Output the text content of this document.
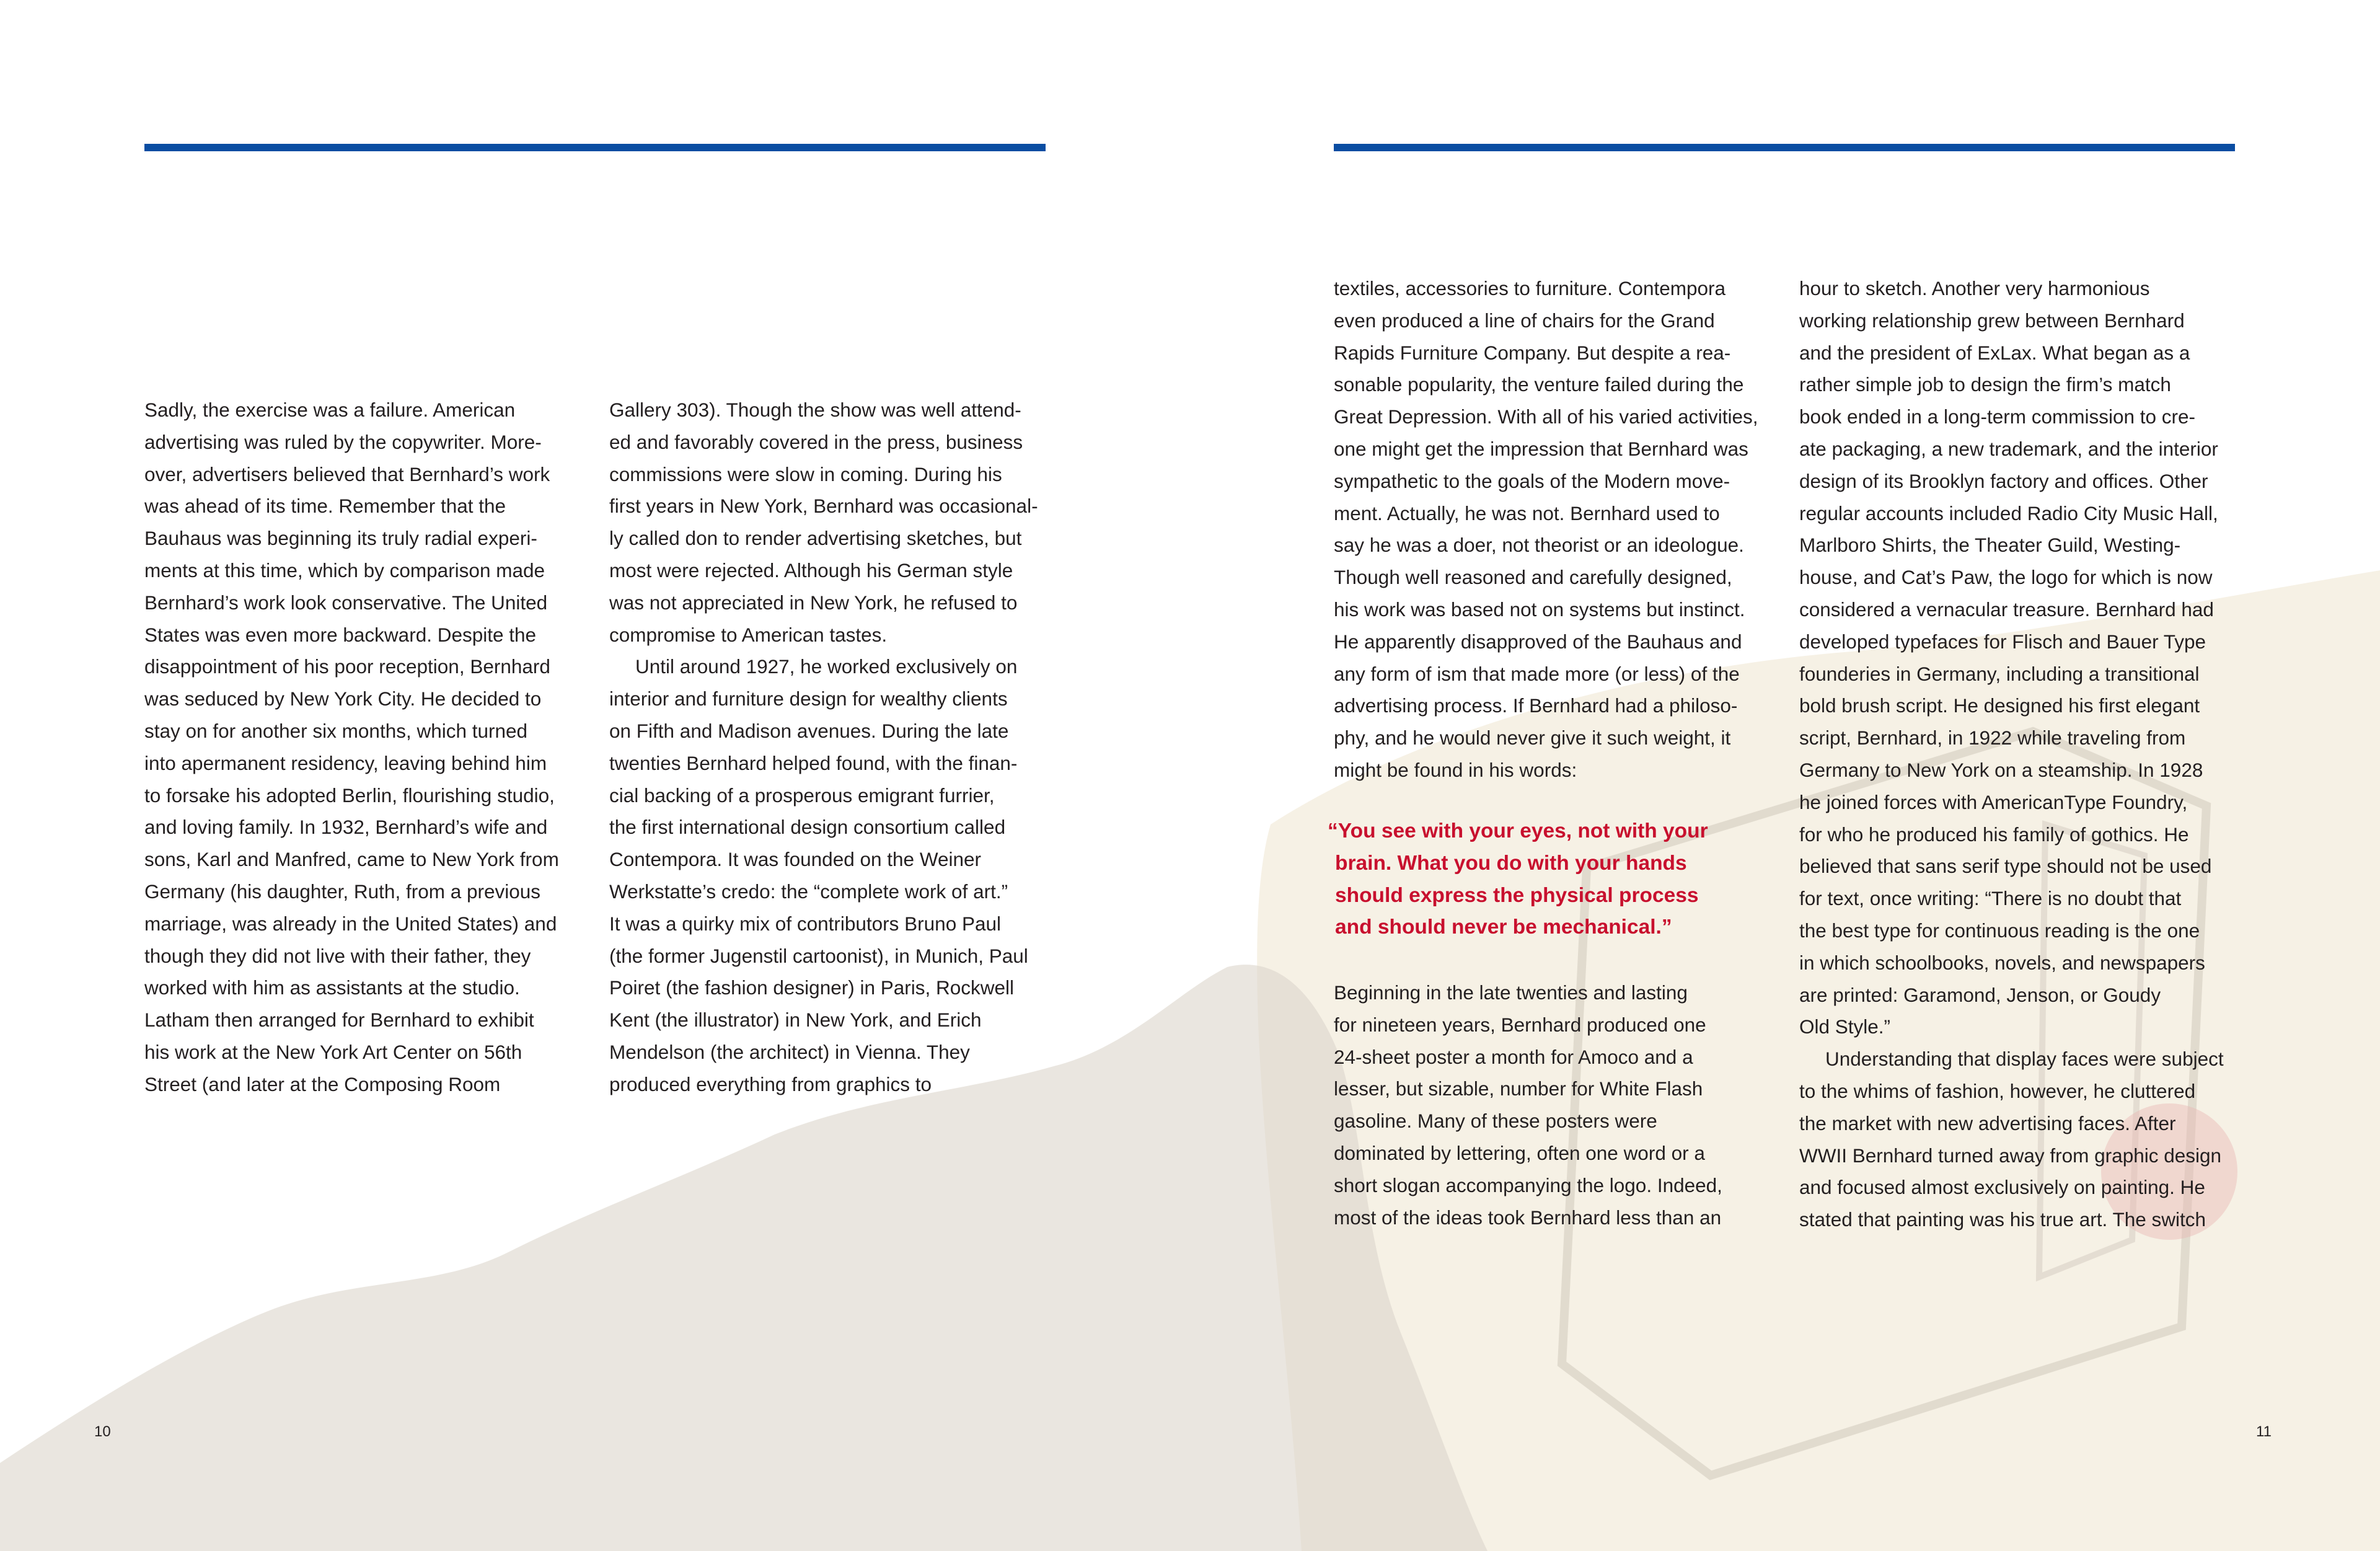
Sadly, the exercise was a failure. American

advertising was ruled by the copywriter. More-

over, advertisers believed that Bernhard’s work

was ahead of its time. Remember that the

Bauhaus was beginning its truly radial experi-

ments at this time, which by comparison made

Bernhard’s work look conservative. The United

States was even more backward. Despite the

disappointment of his poor reception, Bernhard

was seduced by New York City. He decided to

stay on for another six months, which turned

into apermanent residency, leaving behind him

to forsake his adopted Berlin, flourishing studio,

and loving family. In 1932, Bernhard’s wife and

sons, Karl and Manfred, came to New York from

Germany (his daughter, Ruth, from a previous

marriage, was already in the United States) and

though they did not live with their father, they

worked with him as assistants at the studio.

Latham then arranged for Bernhard to exhibit

his work at the New York Art Center on 56th

Street (and later at the Composing Room

Gallery 303). Though the show was well attend-

ed and favorably covered in the press, business

commissions were slow in coming. During his

first years in New York, Bernhard was occasional-

ly called don to render advertising sketches, but

most were rejected. Although his German style

was not appreciated in New York, he refused to

compromise to American tastes.

Until around 1927, he worked exclusively on

interior and furniture design for wealthy clients

on Fifth and Madison avenues. During the late

twenties Bernhard helped found, with the finan-

cial backing of a prosperous emigrant furrier,

the first international design consortium called

Contempora. It was founded on the Weiner

Werkstatte’s credo: the “complete work of art.”

It was a quirky mix of contributors Bruno Paul

(the former Jugenstil cartoonist), in Munich, Paul

Poiret (the fashion designer) in Paris, Rockwell

Kent (the illustrator) in New York, and Erich

Mendelson (the architect) in Vienna. They

produced everything from graphics to

textiles, accessories to furniture. Contempora

even produced a line of chairs for the Grand

Rapids Furniture Company. But despite a rea-

sonable popularity, the venture failed during the

Great Depression. With all of his varied activities,

one might get the impression that Bernhard was

sympathetic to the goals of the Modern move-

ment. Actually, he was not. Bernhard used to

say he was a doer, not theorist or an ideologue.

Though well reasoned and carefully designed,

his work was based not on systems but instinct.

He apparently disapproved of the Bauhaus and

any form of ism that made more (or less) of the

advertising process. If Bernhard had a philoso-

phy, and he would never give it such weight, it

might be found in his words:

“You see with your eyes, not with your

brain. What you do with your hands

should express the physical process

and should never be mechanical.”

Beginning in the late twenties and lasting

for nineteen years, Bernhard produced one

24-sheet poster a month for Amoco and a

lesser, but sizable, number for White Flash

gasoline. Many of these posters were

dominated by lettering, often one word or a

short slogan accompanying the logo. Indeed,

most of the ideas took Bernhard less than an

hour to sketch. Another very harmonious

working relationship grew between Bernhard

and the president of ExLax. What began as a

rather simple job to design the firm’s match

book ended in a long-term commission to cre-

ate packaging, a new trademark, and the interior

design of its Brooklyn factory and offices. Other

regular accounts included Radio City Music Hall,

Marlboro Shirts, the Theater Guild, Westing-

house, and Cat’s Paw, the logo for which is now

considered a vernacular treasure. Bernhard had

developed typefaces for Flisch and Bauer Type

founderies in Germany, including a transitional

bold brush script. He designed his first elegant

script, Bernhard, in 1922 while traveling from

Germany to New York on a steamship. In 1928

he joined forces with AmericanType Foundry,

for who he produced his family of gothics. He

believed that sans serif type should not be used

for text, once writing: “There is no doubt that

the best type for continuous reading is the one

in which schoolbooks, novels, and newspapers

are printed: Garamond, Jenson, or Goudy

Old Style.”

Understanding that display faces were subject

to the whims of fashion, however, he cluttered

the market with new advertising faces. After

WWII Bernhard turned away from graphic design

and focused almost exclusively on painting. He

stated that painting was his true art. The switch

10	11
